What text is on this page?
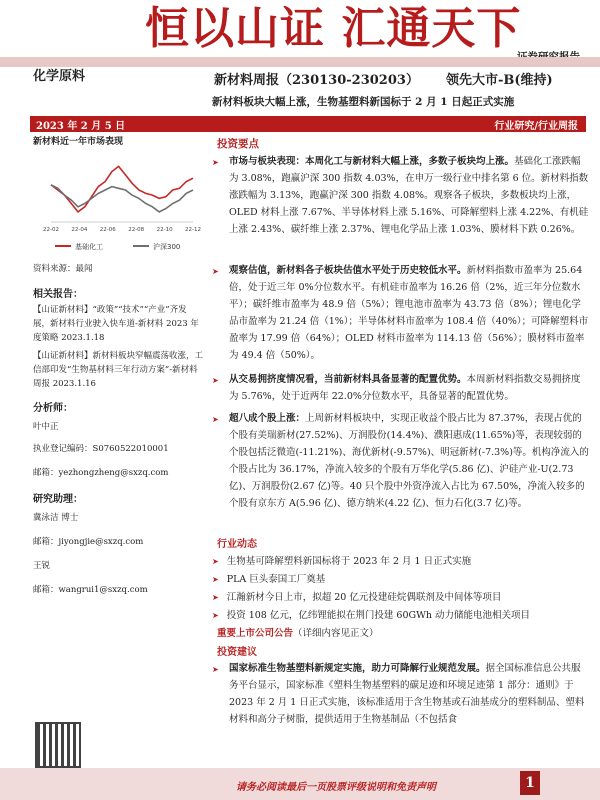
恒以山证 汇通天下
化学原料	新材料周报（230130-230203） 领先大市-B(维持)
新材料板块大幅上涨，生物基塑料新国标于 2 月 1 日起正式实施
2023 年 2 月 5 日	行业研究/行业周报
新材料近一年市场表现
22-02 22-04 22-06 22-08 22-10 22-12
基础化工	沪深300
资料来源：最闻
相关报告：
【山证新材料】“政策”“技术”“产业”齐发展，新材料行业驶入快车道-新材料 2023 年度策略 2023.1.18
【山证新材料】新材料板块窄幅震荡收涨，工信部印发“生物基材料三年行动方案”-新材料周报 2023.1.16
分析师：
叶中正
执业登记编码：S0760522010001
邮箱：yezhongzheng@sxzq.com
研究助理：
冀泳洁 博士
邮箱：jiyongjie@sxzq.com
王锐
邮箱：wangrui1@sxzq.com
投资要点
➤	市场与板块表现：本周化工与新材料大幅上涨，多数子板块均上涨。基础化工涨跌幅为 3.08%，跑赢沪深 300 指数 4.03%，在申万一级行业中排名第 6 位。新材料指数涨跌幅为 3.13%，跑赢沪深 300 指数 4.08%。观察各子板块，多数板块均上涨，OLED 材料上涨 7.67%、半导体材料上涨 5.16%、可降解塑料上涨 4.22%、有机硅上涨 2.43%、碳纤维上涨 2.37%、锂电化学品上涨 1.03%、膜材料下跌 0.26%。
➤	观察估值，新材料各子板块估值水平处于历史较低水平。新材料指数市盈率为 25.64 倍，处于近三年 0%分位数水平。有机硅市盈率为 16.26 倍（2%，近三年分位数水平）；碳纤维市盈率为 48.9 倍（5%）；锂电池市盈率为 43.73 倍（8%）；锂电化学品市盈率为 21.24 倍（1%）；半导体材料市盈率为 108.4 倍（40%）；可降解塑料市盈率为 17.99 倍（64%）；OLED 材料市盈率为 114.13 倍（56%）；膜材料市盈率为 49.4 倍（50%）。
➤	从交易拥挤度情况看，当前新材料具备显著的配置优势。本周新材料指数交易拥挤度为 5.76%，处于近两年 22.0%分位数水平，具备显著的配置优势。
➤	超八成个股上涨：上周新材料板块中，实现正收益个股占比为 87.37%，表现占优的个股有美瑞新材(27.52%)、万润股份(14.4%)、濮阳惠成(11.65%)等，表现较弱的个股包括泛微造(-11.21%)、海优新材(-9.57%)、明冠新材(-7.3%)等。机构净流入的个股占比为 36.17%，净流入较多的个股有万华化学(5.86 亿)、沪硅产业-U(2.73 亿)、万润股份(2.67 亿)等。40 只个股中外资净流入占比为 67.50%，净流入较多的个股有京东方 A(5.96 亿)、德方纳米(4.22 亿)、恒力石化(3.7 亿)等。
行业动态
➤ 生物基可降解塑料新国标将于 2023 年 2 月 1 日正式实施
➤ PLA 巨头泰国工厂奠基
➤ 江瀚新材今日上市，拟超 20 亿元投建硅烷偶联剂及中间体等项目
➤ 投资 108 亿元，亿纬锂能拟在荆门投建 60GWh 动力储能电池相关项目
重要上市公司公告（详细内容见正文）
投资建议
➤	国家标准生物基塑料新规定实施，助力可降解行业规范发展。据全国标准信息公共服务平台显示，国家标准《塑料生物基塑料的碳足迹和环境足迹第 1 部分：通则》于 2023 年 2 月 1 日正式实施，该标准适用于含生物基或石油基成分的塑料制品、塑料材料和高分子树脂，提供适用于生物基制品（不包括食
请务必阅读最后一页股票评级说明和免责声明	1
